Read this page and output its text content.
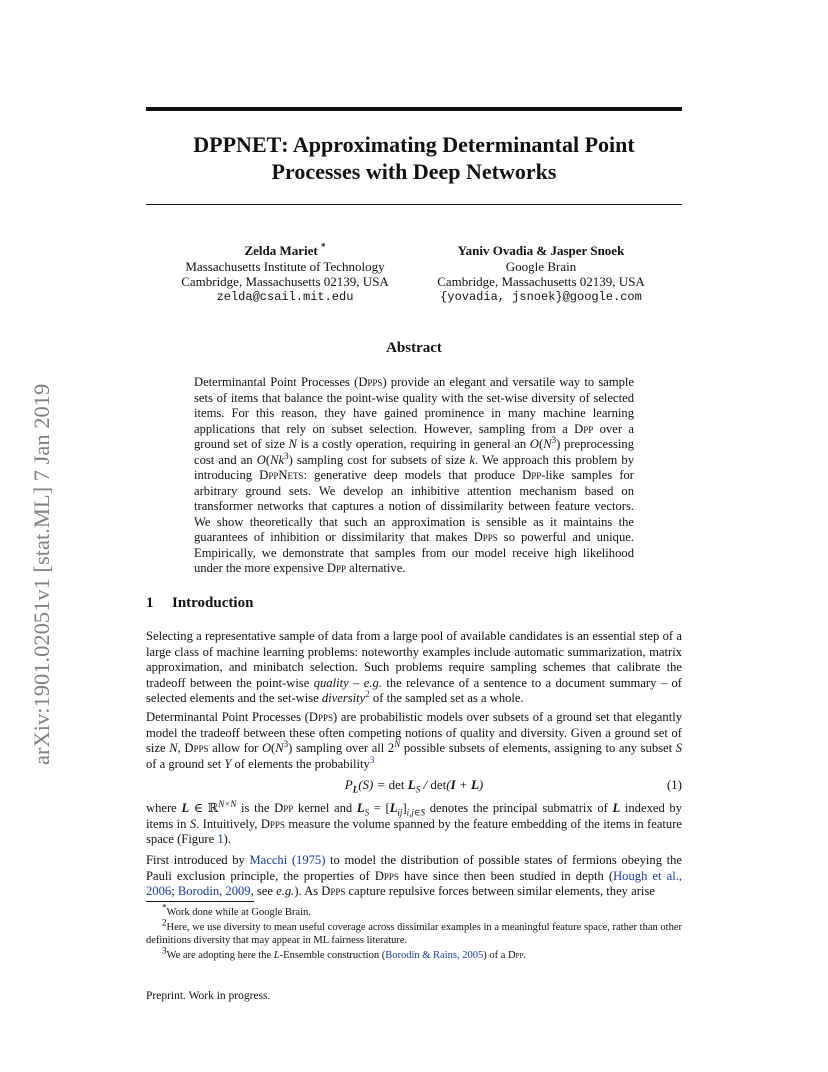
arXiv:1901.02051v1 [stat.ML] 7 Jan 2019
DPPNET: Approximating Determinantal Point
Processes with Deep Networks
Zelda Mariet *
Massachusetts Institute of Technology
Cambridge, Massachusetts 02139, USA
zelda@csail.mit.edu
Yaniv Ovadia & Jasper Snoek
Google Brain
Cambridge, Massachusetts 02139, USA
{yovadia, jsnoek}@google.com
Abstract
Determinantal Point Processes (Dpps) provide an elegant and versatile way to sample sets of items that balance the point-wise quality with the set-wise diversity of selected items. For this reason, they have gained prominence in many machine learning applications that rely on subset selection. However, sampling from a Dpp over a ground set of size N is a costly operation, requiring in general an $O(N^3)$ preprocessing cost and an O(Nk$^3$) sampling cost for subsets of size k. We approach this problem by introducing DppNets: generative deep models that produce Dpp-like samples for arbitrary ground sets. We develop an inhibitive attention mechanism based on transformer networks that captures a notion of dissimilarity between feature vectors. We show theoretically that such an approximation is sensible as it maintains the guarantees of inhibition or dissimilarity that makes Dpps so powerful and unique. Empirically, we demonstrate that samples from our model receive high likelihood under the more expensive Dpp alternative.
1 Introduction
Selecting a representative sample of data from a large pool of available candidates is an essential step of a large class of machine learning problems: noteworthy examples include automatic summarization, matrix approximation, and minibatch selection. Such problems require sampling schemes that calibrate the tradeoff between the point-wise quality – e.g. the relevance of a sentence to a document summary – of selected elements and the set-wise diversity$^2$ of the sampled set as a whole.
Determinantal Point Processes (Dpps) are probabilistic models over subsets of a ground set that elegantly model the tradeoff between these often competing notions of quality and diversity. Given a ground set of size N, Dpps allow for $O(N^3)$ sampling over all $2^N$ possible subsets of elements, assigning to any subset S of a ground set Y of elements the probability$^3$
$P_L(S) = \det L_S / \det(I + L)$	(1)
where L ∈ ℝ$^{N\times N}$ is the Dpp kernel and $L_S = [L_{ij}]_{i,j\in S}$ denotes the principal submatrix of L indexed by items in S. Intuitively, Dpps measure the volume spanned by the feature embedding of the items in feature space (Figure 1).
First introduced by Macchi (1975) to model the distribution of possible states of fermions obeying the Pauli exclusion principle, the properties of Dpps have since then been studied in depth (Hough et al., 2006; Borodin, 2009, see e.g.). As Dpps capture repulsive forces between similar elements, they arise

*Work done while at Google Brain.

$^2$Here, we use diversity to mean useful coverage across dissimilar examples in a meaningful feature space, rather than other definitions diversity that may appear in ML fairness literature.

$^3$We are adopting here the L-Ensemble construction (Borodin & Rains, 2005) of a Dpp.

Preprint. Work in progress.
